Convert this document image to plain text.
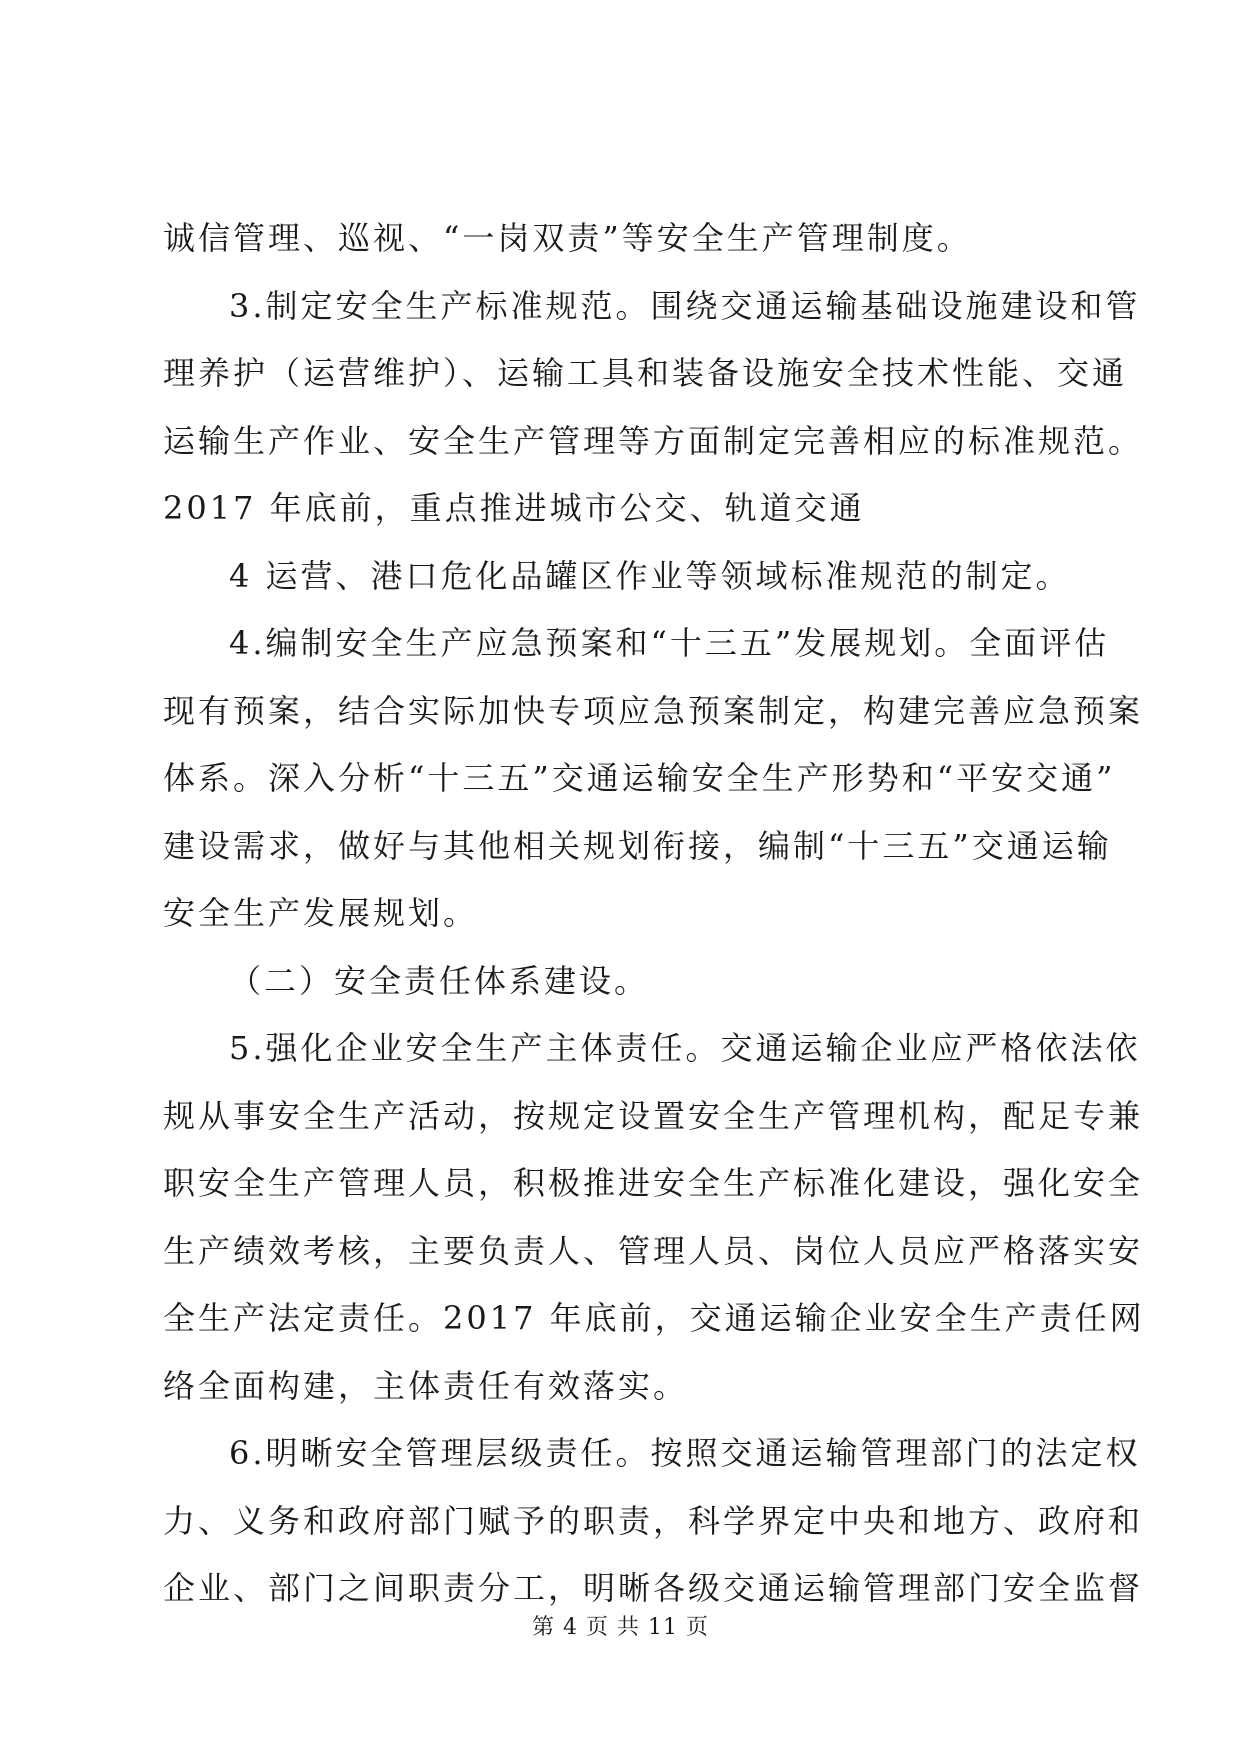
诚信管理、巡视、“一岗双责”等安全生产管理制度。
3.制定安全生产标准规范。围绕交通运输基础设施建设和管
理养护（运营维护）、运输工具和装备设施安全技术性能、交通
运输生产作业、安全生产管理等方面制定完善相应的标准规范。
2017 年底前，重点推进城市公交、轨道交通
4 运营、港口危化品罐区作业等领域标准规范的制定。
4.编制安全生产应急预案和“十三五”发展规划。全面评估
现有预案，结合实际加快专项应急预案制定，构建完善应急预案
体系。深入分析“十三五”交通运输安全生产形势和“平安交通”
建设需求，做好与其他相关规划衔接，编制“十三五”交通运输
安全生产发展规划。
（二）安全责任体系建设。
5.强化企业安全生产主体责任。交通运输企业应严格依法依
规从事安全生产活动，按规定设置安全生产管理机构，配足专兼
职安全生产管理人员，积极推进安全生产标准化建设，强化安全
生产绩效考核，主要负责人、管理人员、岗位人员应严格落实安
全生产法定责任。2017 年底前，交通运输企业安全生产责任网
络全面构建，主体责任有效落实。
6.明晰安全管理层级责任。按照交通运输管理部门的法定权
力、义务和政府部门赋予的职责，科学界定中央和地方、政府和
企业、部门之间职责分工，明晰各级交通运输管理部门安全监督
第 4 页 共 11 页
